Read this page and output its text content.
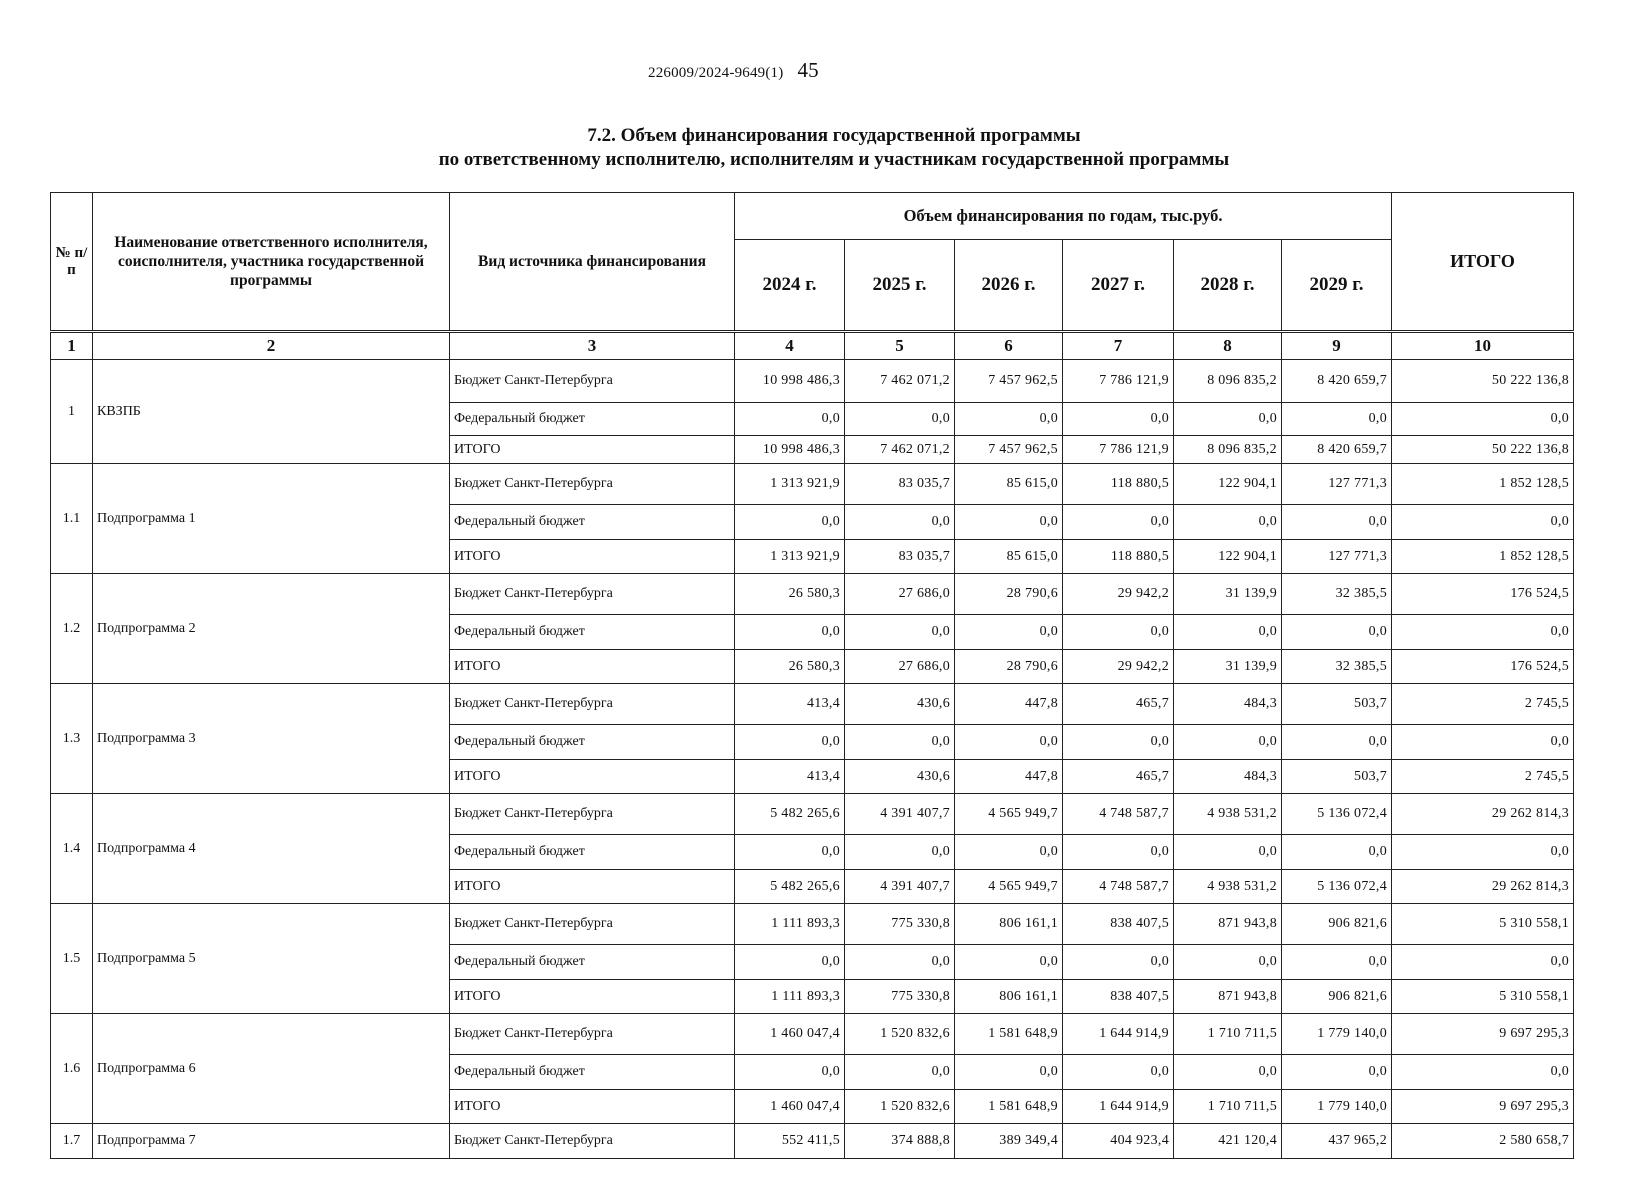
226009/2024-9649(1) 45
7.2. Объем финансирования государственной программы
по ответственному исполнителю, исполнителям и участникам государственной программы
№ п/п	Наименование ответственного исполнителя, соисполнителя, участника государственной программы	Вид источника финансирования	Объем финансирования по годам, тыс.руб.						ИТОГО
			2024 г.	2025 г.	2026 г.	2027 г.	2028 г.	2029 г.	
1	2	3	4	5	6	7	8	9	10
1	КВЗПБ	Бюджет Санкт-Петербурга	10 998 486,3	7 462 071,2	7 457 962,5	7 786 121,9	8 096 835,2	8 420 659,7	50 222 136,8
		Федеральный бюджет	0,0	0,0	0,0	0,0	0,0	0,0	0,0
		ИТОГО	10 998 486,3	7 462 071,2	7 457 962,5	7 786 121,9	8 096 835,2	8 420 659,7	50 222 136,8
1.1	Подпрограмма 1	Бюджет Санкт-Петербурга	1 313 921,9	83 035,7	85 615,0	118 880,5	122 904,1	127 771,3	1 852 128,5
		Федеральный бюджет	0,0	0,0	0,0	0,0	0,0	0,0	0,0
		ИТОГО	1 313 921,9	83 035,7	85 615,0	118 880,5	122 904,1	127 771,3	1 852 128,5
1.2	Подпрограмма 2	Бюджет Санкт-Петербурга	26 580,3	27 686,0	28 790,6	29 942,2	31 139,9	32 385,5	176 524,5
		Федеральный бюджет	0,0	0,0	0,0	0,0	0,0	0,0	0,0
		ИТОГО	26 580,3	27 686,0	28 790,6	29 942,2	31 139,9	32 385,5	176 524,5
1.3	Подпрограмма 3	Бюджет Санкт-Петербурга	413,4	430,6	447,8	465,7	484,3	503,7	2 745,5
		Федеральный бюджет	0,0	0,0	0,0	0,0	0,0	0,0	0,0
		ИТОГО	413,4	430,6	447,8	465,7	484,3	503,7	2 745,5
1.4	Подпрограмма 4	Бюджет Санкт-Петербурга	5 482 265,6	4 391 407,7	4 565 949,7	4 748 587,7	4 938 531,2	5 136 072,4	29 262 814,3
		Федеральный бюджет	0,0	0,0	0,0	0,0	0,0	0,0	0,0
		ИТОГО	5 482 265,6	4 391 407,7	4 565 949,7	4 748 587,7	4 938 531,2	5 136 072,4	29 262 814,3
1.5	Подпрограмма 5	Бюджет Санкт-Петербурга	1 111 893,3	775 330,8	806 161,1	838 407,5	871 943,8	906 821,6	5 310 558,1
		Федеральный бюджет	0,0	0,0	0,0	0,0	0,0	0,0	0,0
		ИТОГО	1 111 893,3	775 330,8	806 161,1	838 407,5	871 943,8	906 821,6	5 310 558,1
1.6	Подпрограмма 6	Бюджет Санкт-Петербурга	1 460 047,4	1 520 832,6	1 581 648,9	1 644 914,9	1 710 711,5	1 779 140,0	9 697 295,3
		Федеральный бюджет	0,0	0,0	0,0	0,0	0,0	0,0	0,0
		ИТОГО	1 460 047,4	1 520 832,6	1 581 648,9	1 644 914,9	1 710 711,5	1 779 140,0	9 697 295,3
1.7	Подпрограмма 7	Бюджет Санкт-Петербурга	552 411,5	374 888,8	389 349,4	404 923,4	421 120,4	437 965,2	2 580 658,7
